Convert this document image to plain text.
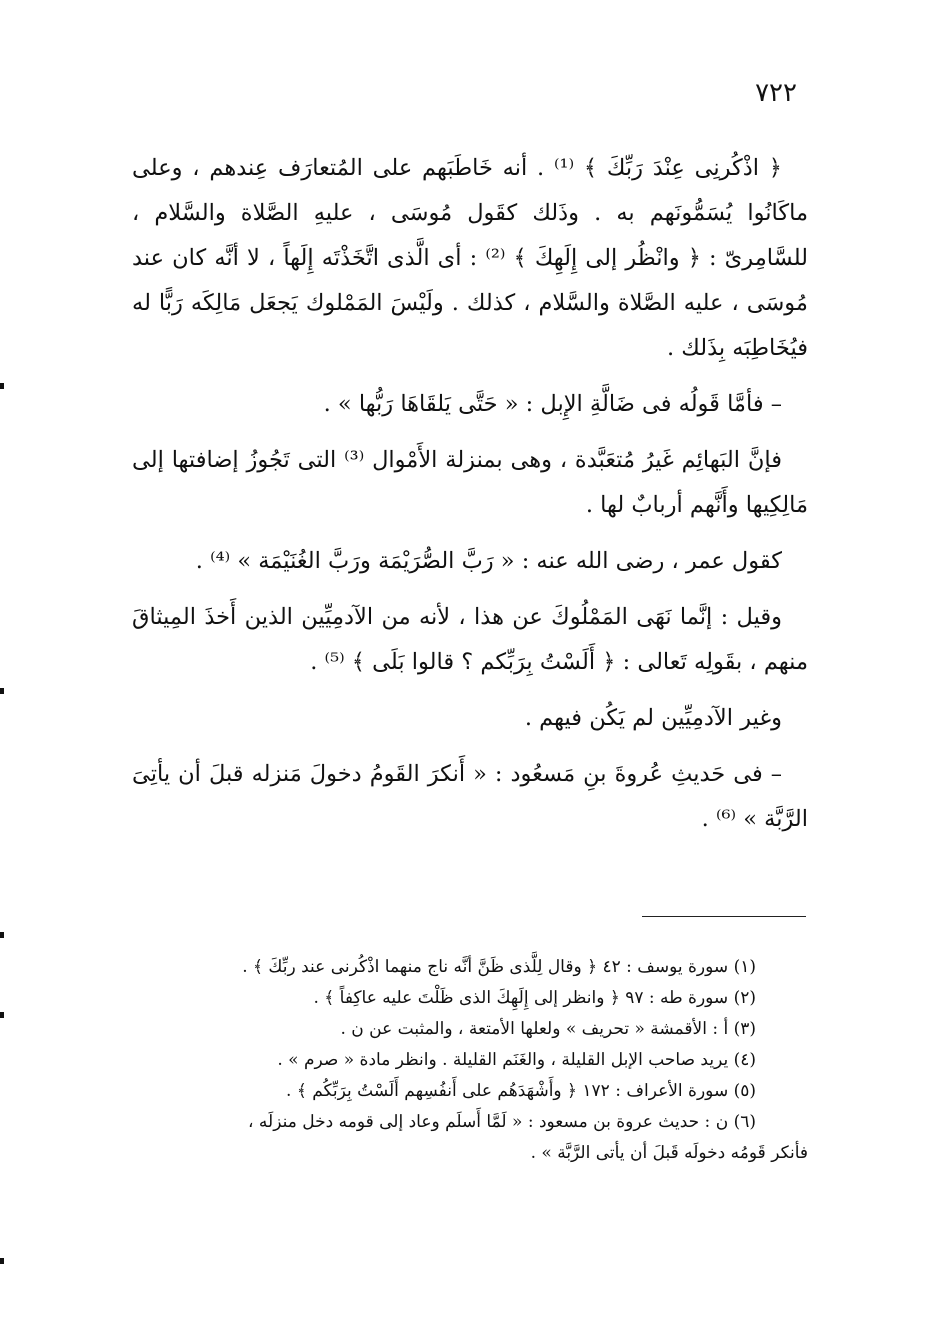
٧٢٢

﴿ اذْكُرنِى عِنْدَ رَبِّكَ ﴾ ⁽¹⁾ . أنه خَاطَبَهم على المُتعارَف عِندهم ، وعلى ماكَانُوا يُسَمُّونَهم به . وذَلك كقَول مُوسَى ، عليهِ الصَّلاة والسَّلام ، للسَّامِرىّ : ﴿ وانْظُر إلى إِلَهِكَ ﴾ ⁽²⁾ : أى الَّذى اتَّخَذْتَه إِلَهاً ، لا أنَّه كان عند مُوسَى ، عليه الصَّلاة والسَّلام ، كذلك . ولَيْسَ المَمْلوك يَجعَل مَالِكَه رَبًّا له فيُخَاطِبَه بِذَلك .

– فأمَّا قَولُه فى ضَالَّةِ الإِبل : « حَتَّى يَلقَاهَا رَبُّها » .

فإنَّ البَهائِم غَيرُ مُتعَبَّدة ، وهى بمنزلة الأَمْوال ⁽³⁾ التى تَجُوزُ إضافتها إلى مَالِكِيها وأَنَّهم أربابٌ لها .

كقول عمر ، رضى الله عنه : « رَبَّ الصُّرَيْمَة ورَبَّ الغُنَيْمَة » ⁽⁴⁾ .

وقيل : إنَّما نَهَى المَمْلُوكَ عن هذا ، لأنه من الآدمِيِّين الذين أَخذَ المِيثاقَ منهم ، بقَولِه تَعالى : ﴿ أَلَسْتُ بِرَبِّكم ؟ قالوا بَلَى ﴾ ⁽⁵⁾ .

وغير الآدمِيِّين لم يَكُن فيهم .

– فى حَديثِ عُروةَ بنِ مَسعُود : « أَنكرَ القَومُ دخولَ مَنزله قبلَ أن يأتِىَ الرَّبَّة » ⁽⁶⁾ .

(١) سورة يوسف : ٤٢ ﴿ وقال لِلَّذى ظَنَّ أنَّه ناج منهما اذْكُرنى عند ربِّكَ ﴾ .

(٢) سورة طه : ٩٧ ﴿ وانظر إلى إِلَهِكَ الذى ظَلْتَ عليه عاكِفاً ﴾ .

(٣) أ : الأقمشة « تحريف » ولعلها الأمتعة ، والمثبت عن ن .

(٤) يريد صاحب الإبل القليلة ، والغَنَم القليلة . وانظر مادة « صرم » .

(٥) سورة الأعراف : ١٧٢ ﴿ وأَشْهَدَهُم على أَنفُسِهم أَلَسْتُ بِرَبِّكُم ﴾ .

(٦) ن : حديث عروة بن مسعود : « لَمَّا أَسلَم وعاد إلى قومه دخل منزلَه ،

فأنكر قَومُه دخولَه قَبلَ أن يأتى الرَّبَّة » .
